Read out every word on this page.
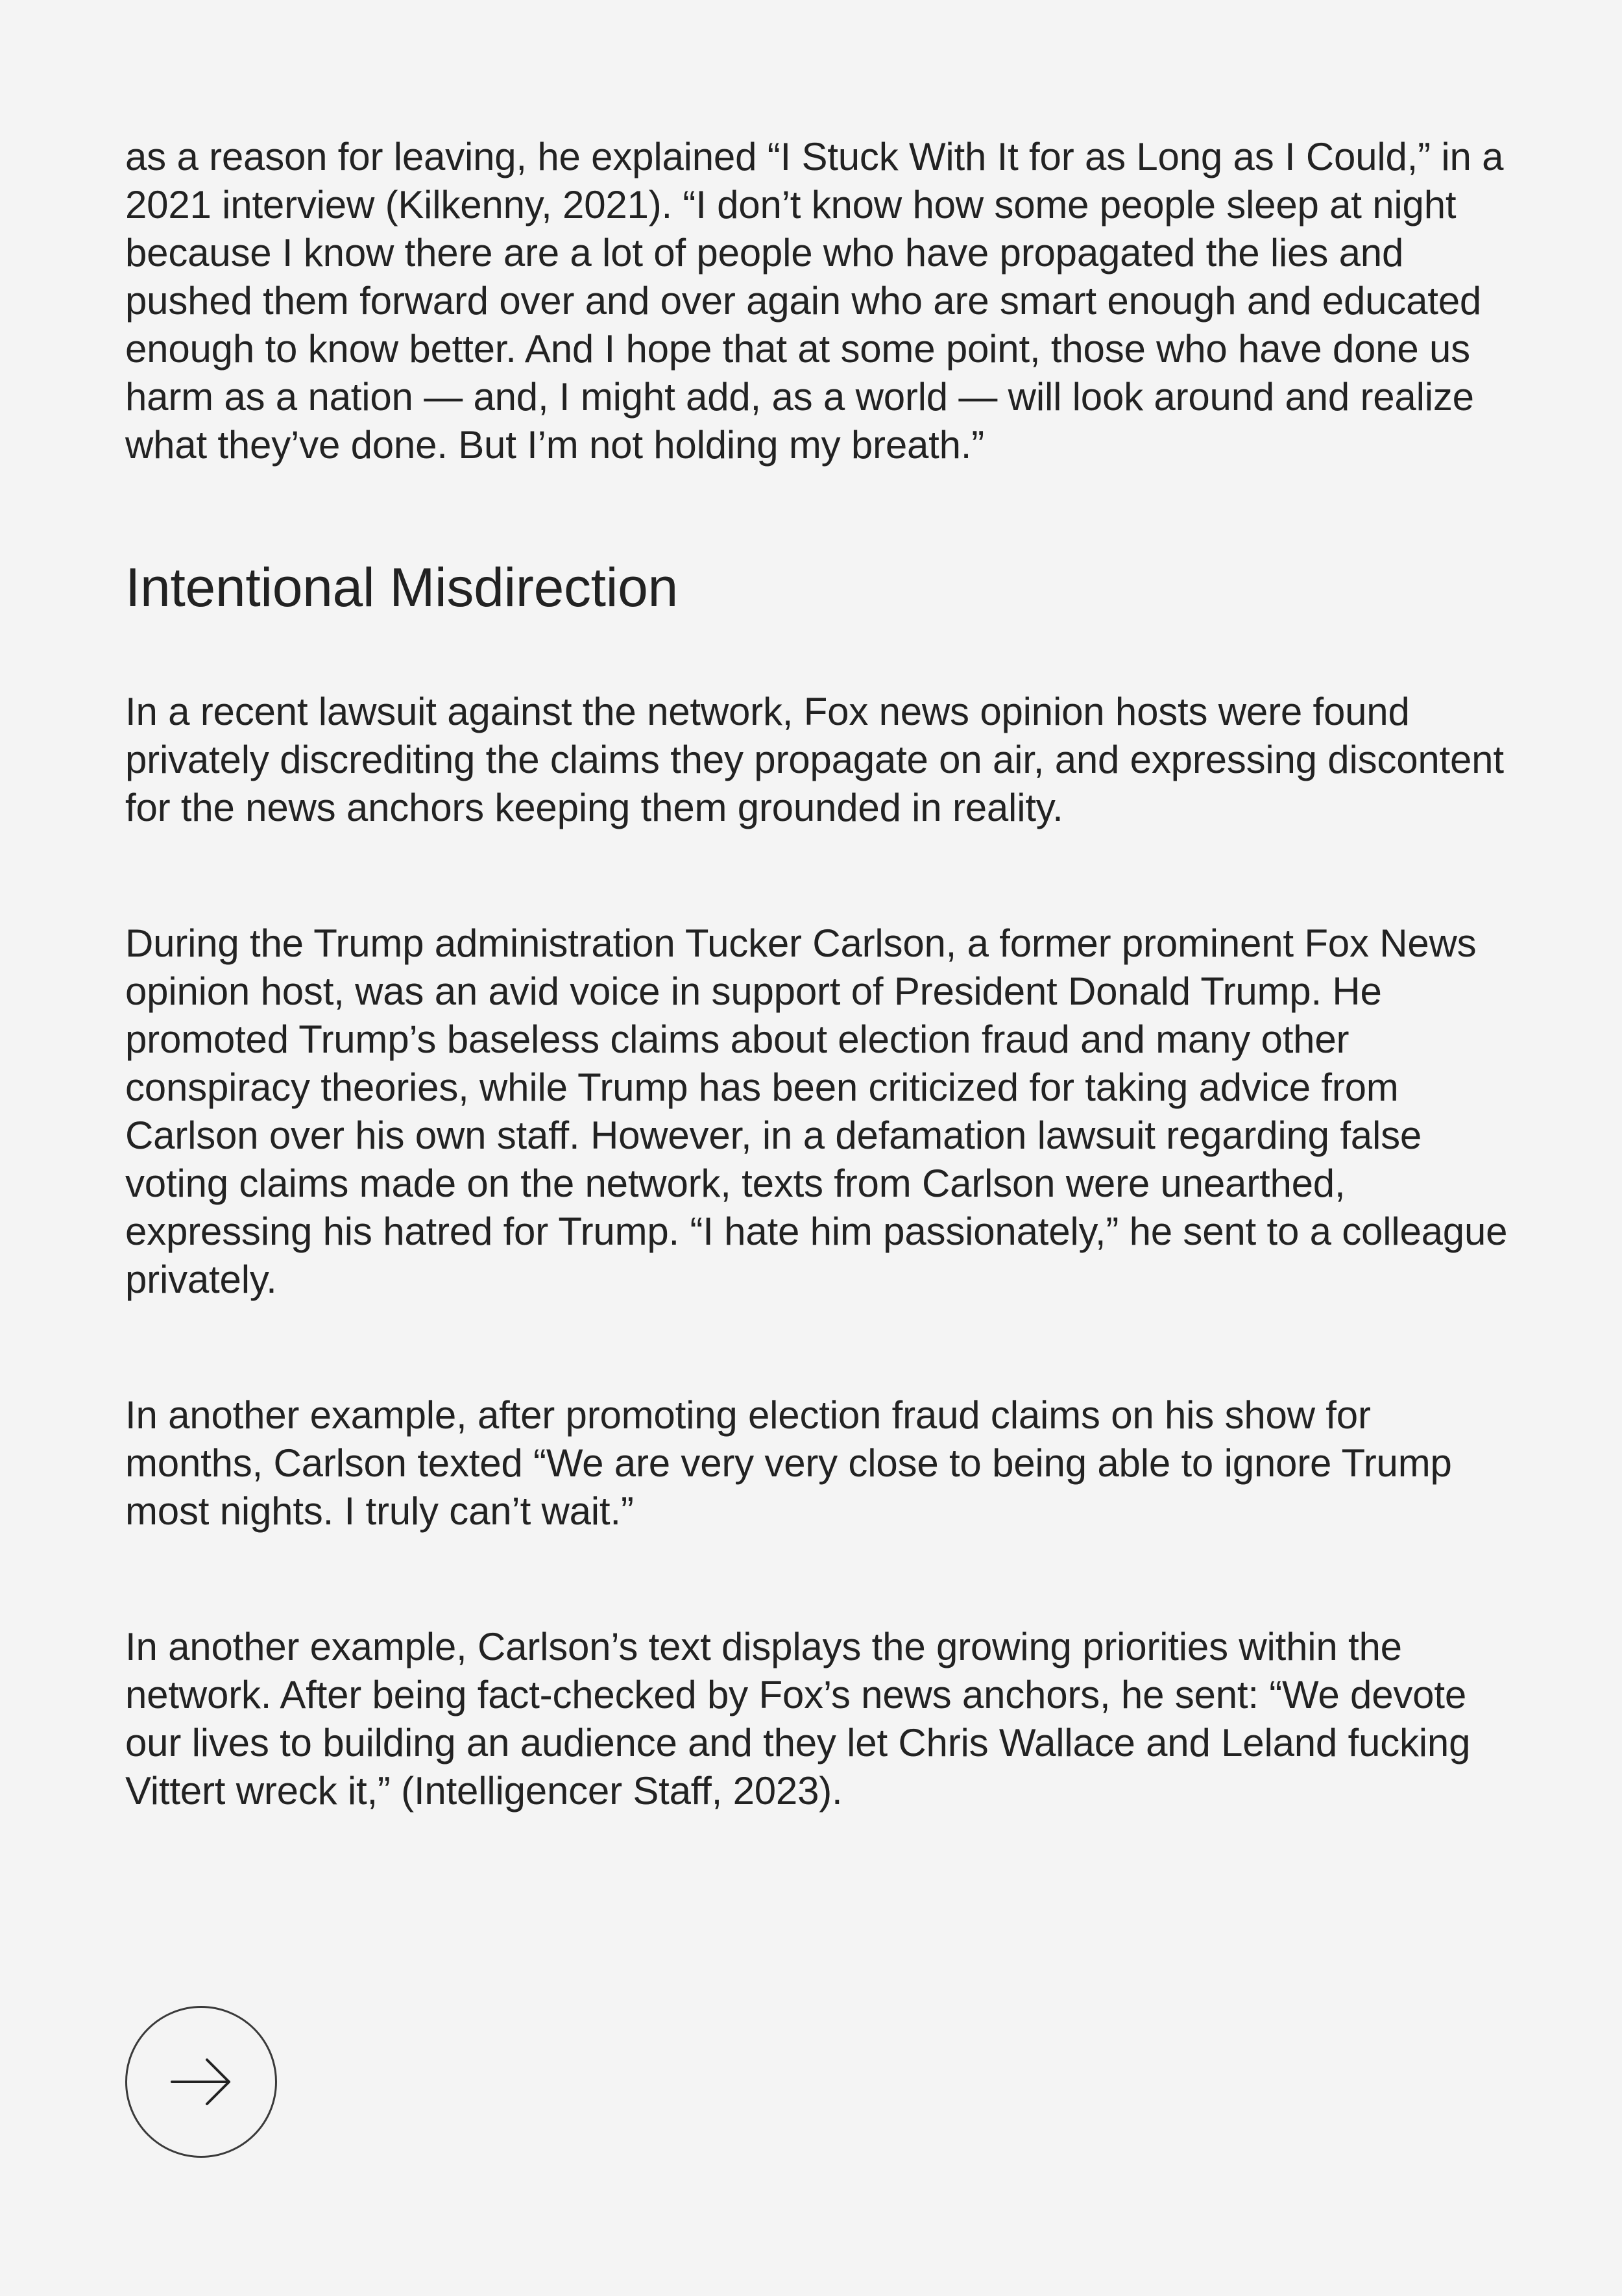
as a reason for leaving, he explained “I Stuck With It for as Long as I Could,” in a 2021 interview (Kilkenny, 2021). “I don’t know how some people sleep at night because I know there are a lot of people who have propagated the lies and pushed them forward over and over again who are smart enough and educated enough to know better. And I hope that at some point, those who have done us harm as a nation — and, I might add, as a world — will look around and realize what they’ve done. But I’m not holding my breath.”

Intentional Misdirection

In a recent lawsuit against the network, Fox news opinion hosts were found privately discrediting the claims they propagate on air, and expressing discontent for the news anchors keeping them grounded in reality.

During the Trump administration Tucker Carlson, a former prominent Fox News opinion host, was an avid voice in support of President Donald Trump. He promoted Trump’s baseless claims about election fraud and many other conspiracy theories, while Trump has been criticized for taking advice from Carlson over his own staff. However, in a defamation lawsuit regarding false voting claims made on the network, texts from Carlson were unearthed, expressing his hatred for Trump. “I hate him passionately,” he sent to a colleague privately.

In another example, after promoting election fraud claims on his show for months, Carlson texted “We are very very close to being able to ignore Trump most nights. I truly can’t wait.”

In another example, Carlson’s text displays the growing priorities within the network. After being fact-checked by Fox’s news anchors, he sent: “We devote our lives to building an audience and they let Chris Wallace and Leland fucking Vittert wreck it,” (Intelligencer Staff, 2023).
